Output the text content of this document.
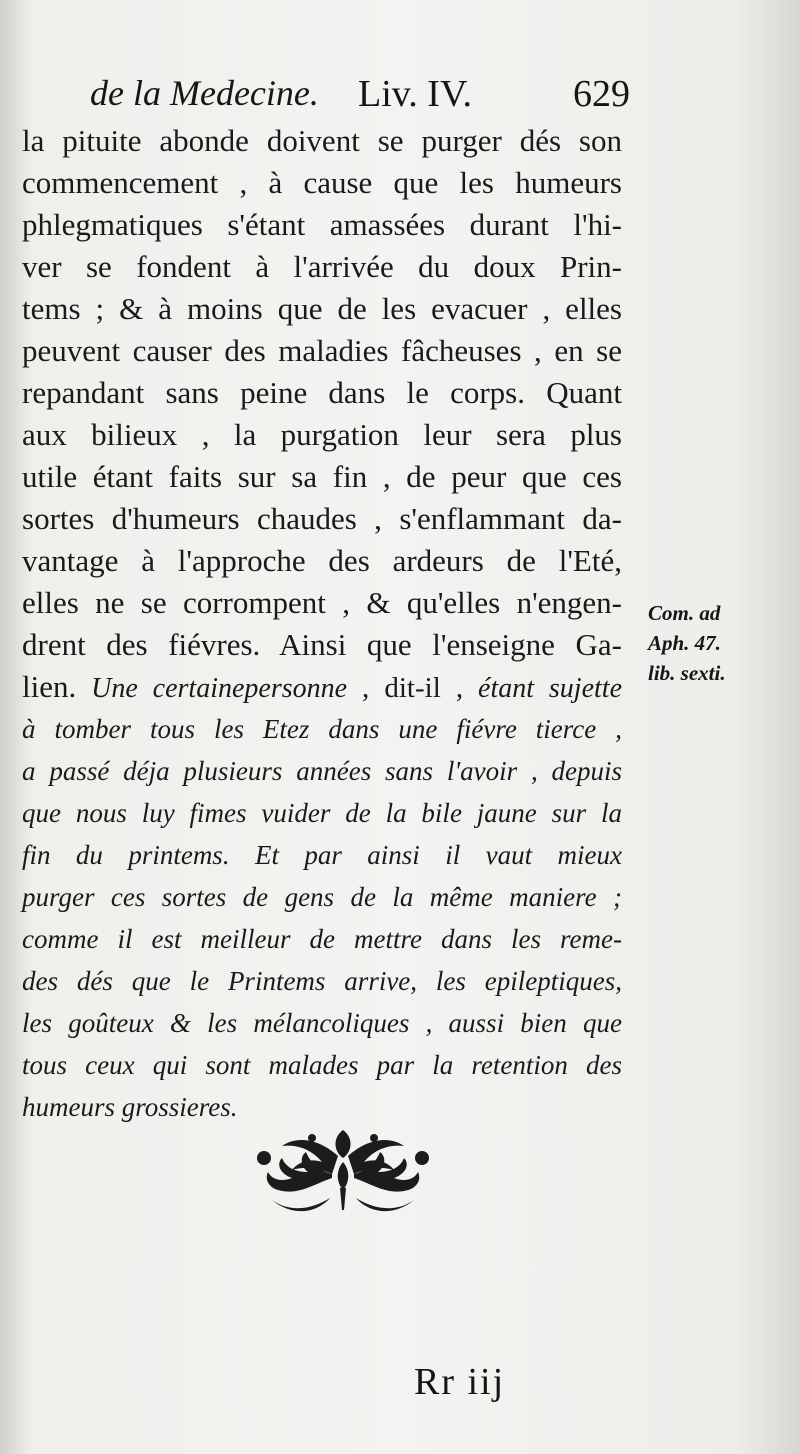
de la Medecine. Liv. IV.	629
la pituite abonde doivent se purger dés son
commencement , à cause que les humeurs
phlegmatiques s'étant amassées durant l'hi-
ver se fondent à l'arrivée du doux Prin-
tems ; & à moins que de les evacuer , elles
peuvent causer des maladies fâcheuses , en se
repandant sans peine dans le corps. Quant
aux bilieux , la purgation leur sera plus
utile étant faits sur sa fin , de peur que ces
sortes d'humeurs chaudes , s'enflammant da-
vantage à l'approche des ardeurs de l'Eté,
elles ne se corrompent , & qu'elles n'engen-
drent des fiévres. Ainsi que l'enseigne Ga-
lien. Une certainepersonne , dit-il , étant sujette
à tomber tous les Etez dans une fiévre tierce ,
a passé déja plusieurs années sans l'avoir , depuis
que nous luy fimes vuider de la bile jaune sur la
fin du printems. Et par ainsi il vaut mieux
purger ces sortes de gens de la même maniere ;
comme il est meilleur de mettre dans les reme-
des dés que le Printems arrive, les epileptiques,
les goûteux & les mélancoliques , aussi bien que
tous ceux qui sont malades par la retention des
humeurs grossieres.
Com. ad
Aph. 47.
lib. sexti.
Rr iij
